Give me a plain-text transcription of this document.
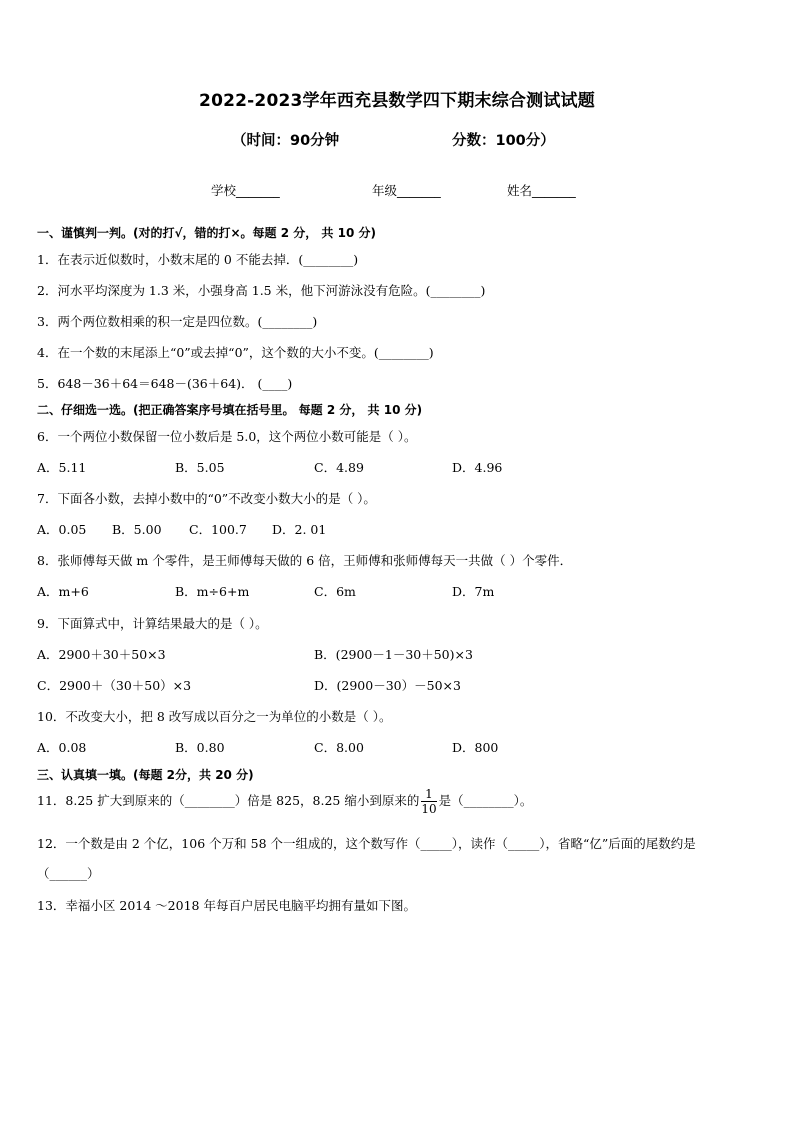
2022-2023学年西充县数学四下期末综合测试试题
（时间：90分钟	分数：100分）
学校_______	年级_______	姓名_______
一、谨慎判一判。(对的打√，错的打×。每题 2 分， 共 10 分)
1．在表示近似数时，小数末尾的 0 不能去掉．(________)
2．河水平均深度为 1.3 米，小强身高 1.5 米，他下河游泳没有危险。(________)
3．两个两位数相乘的积一定是四位数。(________)
4．在一个数的末尾添上“0”或去掉“0”，这个数的大小不变。(________)
5．648－36＋64＝648－(36＋64)． (____)
二、仔细选一选。(把正确答案序号填在括号里。 每题 2 分， 共 10 分)
6．一个两位小数保留一位小数后是 5.0，这个两位小数可能是（ ）。
A．5.11	B．5.05	C．4.89	D．4.96
7．下面各小数，去掉小数中的“0”不改变小数大小的是（ ）。
A．0.05 B．5.00 C．100.7 D．2. 01
8．张师傅每天做 m 个零件，是王师傅每天做的 6 倍，王师傅和张师傅每天一共做（ ）个零件．
A．m+6	B．m÷6+m	C．6m	D．7m
9．下面算式中，计算结果最大的是（ ）。
A．2900＋30＋50×3	B．(2900－1－30＋50)×3
C．2900＋（30＋50）×3	D．(2900－30）－50×3
10．不改变大小，把 8 改写成以百分之一为单位的小数是（ ）。
A．0.08	B．0.80	C．8.00	D．800
三、认真填一填。(每题 2分，共 20 分)
11．8.25 扩大到原来的（________）倍是 825，8.25 缩小到原来的 $\frac{1}{10}$ 是（________）。
12．一个数是由 2 个亿，106 个万和 58 个一组成的，这个数写作（_____），读作（_____），省略“亿”后面的尾数约是
（______）
13．幸福小区 2014 ～2018 年每百户居民电脑平均拥有量如下图。
